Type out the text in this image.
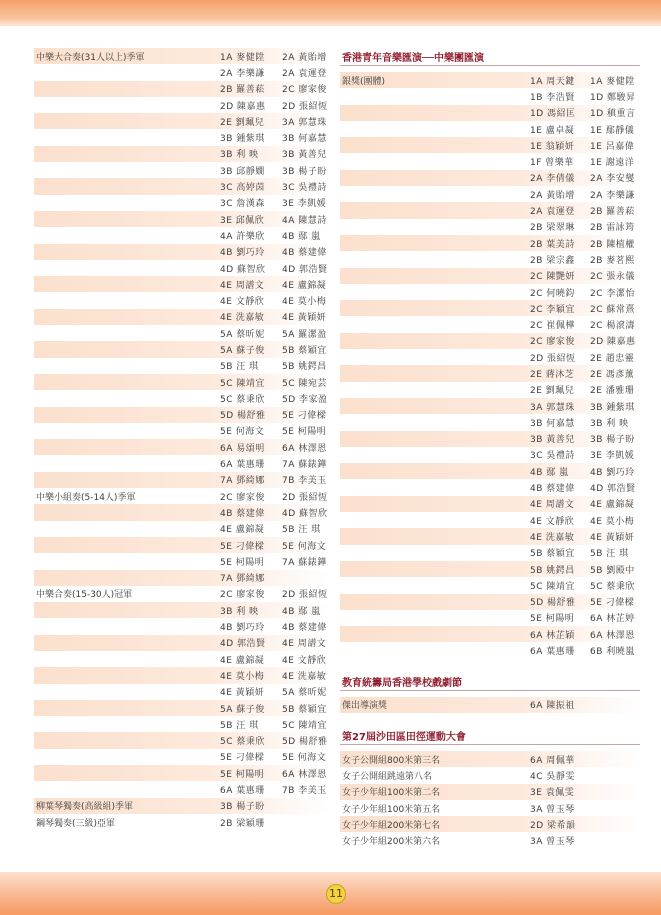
中樂大合奏(31人以上)季軍	1A 麥健陞	2A 黃貽增
2A 李樂謙	2A 袁運登
2B 羅善菘	2C 廖家俊
2D 陳嘉惠	2D 張紹恆
2E 劉珮兒	3A 郭慧珠
3B 鍾紫琪	3B 何嘉慧
3B 利 映	3B 黃善兒
3B 邱靜嫺	3B 楊子盼
3C 高婷茵	3C 吳禮詩
3C 詹漢森	3E 李凱媛
3E 邱佩欣	4A 陳慧詩
4A 許樂欣	4B 鄢 嵐
4B 劉巧玲	4B 蔡建偉
4D 蘇智欣	4D 郭浩賢
4E 周譜文	4E 盧錦凝
4E 文靜欣	4E 莫小梅
4E 洗嘉敏	4E 黃穎妍
5A 蔡昕妮	5A 羅潔盈
5A 蘇子俊	5B 蔡穎宜
5B 汪 琪	5B 姚鍔昌
5C 陳靖宜	5C 陳宛芸
5C 蔡秉欣	5D 李家盈
5D 楊舒雅	5E 刁偉樑
5E 何海文	5E 柯陽明
6A 易頌明	6A 林澤恩
6A 葉惠珊	7A 蘇錶鏵
7A 鄧綺娜	7B 李美玉
中樂小組奏(5-14人)季軍	2C 廖家俊	2D 張紹恆
4B 蔡建偉	4D 蘇智欣
4E 盧錦凝	5B 汪 琪
5E 刁偉樑	5E 何海文
5E 柯陽明	7A 蘇錶鏵
7A 鄧綺娜
中樂合奏(15-30人)冠軍	2C 廖家俊	2D 張紹恆
3B 利 映	4B 鄢 嵐
4B 劉巧玲	4B 蔡建偉
4D 郭浩賢	4E 周譜文
4E 盧錦凝	4E 文靜欣
4E 莫小梅	4E 洗嘉敏
4E 黃穎妍	5A 蔡昕妮
5A 蘇子俊	5B 蔡穎宜
5B 汪 琪	5C 陳靖宜
5C 蔡秉欣	5D 楊舒雅
5E 刁偉樑	5E 何海文
5E 柯陽明	6A 林澤恩
6A 葉惠珊	7B 李美玉
柳葉琴獨奏(高級組)季軍	3B 楊子盼
鋼琴獨奏(三級)亞軍	2B 梁穎珊
香港青年音樂匯演──中樂團匯演
銀獎(團體)	1A 周天鍵	1A 麥健陞
1B 李浩賢	1D 鄭駿昇
1D 馮紹匡	1D 稹重言
1E 盧卓凝	1E 鄢靜儀
1E 翁穎妍	1E 呂嘉偉
1F 曾樂華	1E 謝遠洋
2A 李倩儀	2A 李安燮
2A 黃貽增	2A 李樂謙
2A 袁運登	2B 羅善菘
2B 梁翠琳	2B 雷詠筠
2B 葉美詩	2B 陳植權
2B 梁宗鑫	2B 麥茗熙
2C 陳艷妍	2C 張永儀
2C 何曉鈞	2C 李潔怡
2C 李穎宜	2C 蘇常熹
2C 崔佩樺	2C 楊滾濤
2C 廖家俊	2D 陳嘉惠
2D 張紹恆	2E 趙忠靈
2E 蔣沐芝	2E 馮彥薰
2E 劉珮兒	2E 潘雅珊
3A 郭慧珠	3B 鍾紫琪
3B 何嘉慧	3B 利 映
3B 黃善兒	3B 楊子盼
3C 吳禮詩	3E 李凱媛
4B 鄢 嵐	4B 劉巧玲
4B 蔡建偉	4D 郭浩賢
4E 周譜文	4E 盧錦凝
4E 文靜欣	4E 莫小梅
4E 洗嘉敏	4E 黃穎妍
5B 蔡穎宜	5B 汪 琪
5B 姚鍔昌	5B 劉殿中
5C 陳靖宜	5C 蔡秉欣
5D 楊舒雅	5E 刁偉樑
5E 柯陽明	6A 林芷婷
6A 林芷穎	6A 林澤恩
6A 葉惠珊	6B 利曉嵐
教育統籌局香港學校戲劇節
傑出導演獎	6A 陳振祖
第27屆沙田區田徑運動大會
女子公開組800米第三名	6A 周佩華
女子公開組跳遠第八名	4C 吳靜雯
女子少年組100米第二名	3E 袁佩雯
女子少年組100米第五名	3A 曾玉琴
女子少年組200米第七名	2D 梁希韻
女子少年組200米第六名	3A 曾玉琴
11
